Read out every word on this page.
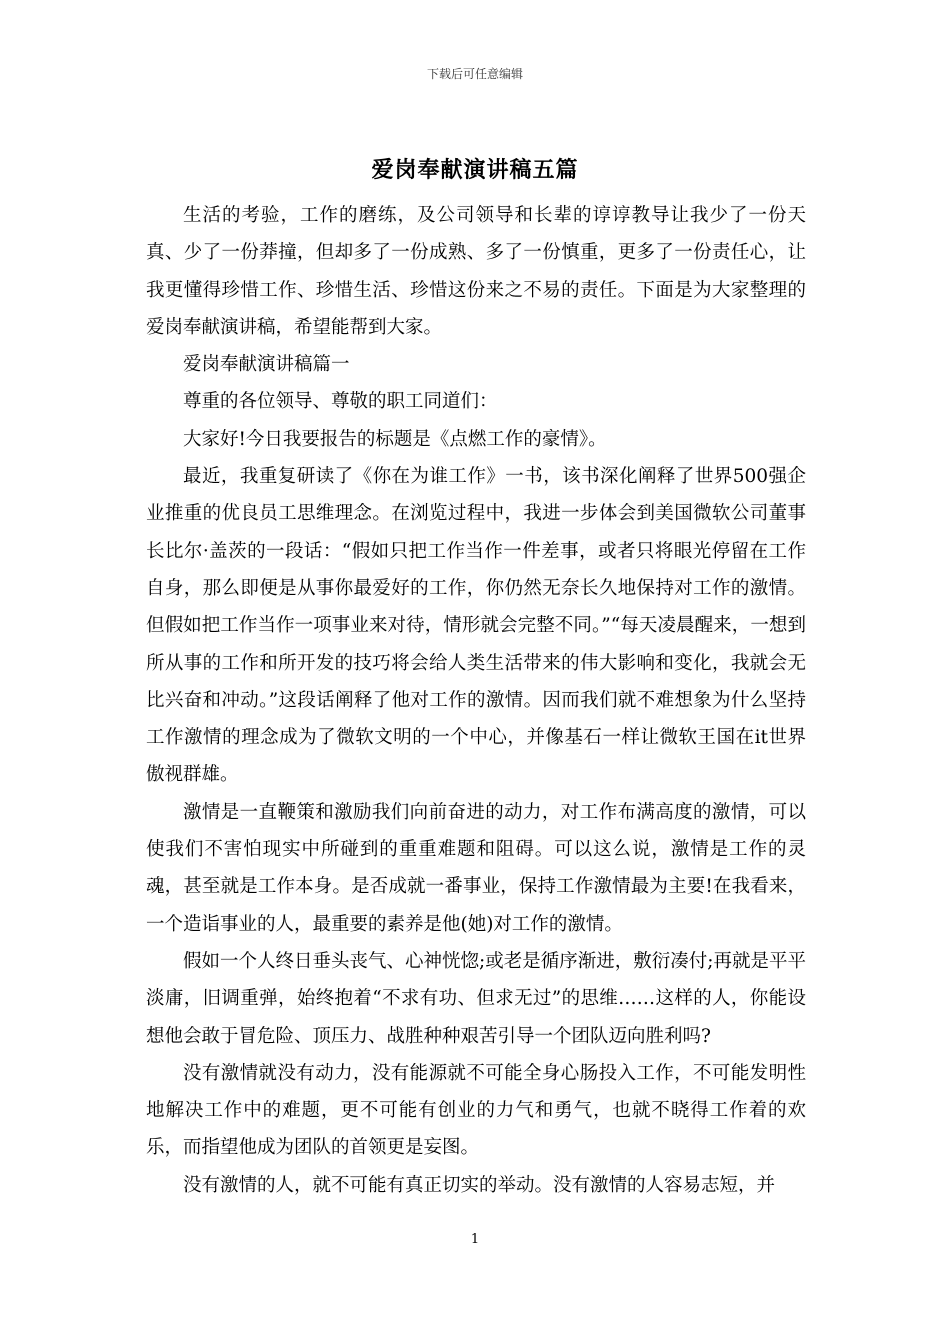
下载后可任意编辑
爱岗奉献演讲稿五篇

生活的考验，工作的磨练，及公司领导和长辈的谆谆教导让我少了一份天真、少了一份莽撞，但却多了一份成熟、多了一份慎重，更多了一份责任心，让我更懂得珍惜工作、珍惜生活、珍惜这份来之不易的责任。下面是为大家整理的爱岗奉献演讲稿，希望能帮到大家。

爱岗奉献演讲稿篇一

尊重的各位领导、尊敬的职工同道们：

大家好!今日我要报告的标题是《点燃工作的豪情》。

最近，我重复研读了《你在为谁工作》一书，该书深化阐释了世界500强企业推重的优良员工思维理念。在浏览过程中，我进一步体会到美国微软公司董事长比尔·盖茨的一段话：“假如只把工作当作一件差事，或者只将眼光停留在工作自身，那么即便是从事你最爱好的工作，你仍然无奈长久地保持对工作的激情。但假如把工作当作一项事业来对待，情形就会完整不同。”“每天凌晨醒来，一想到所从事的工作和所开发的技巧将会给人类生活带来的伟大影响和变化，我就会无比兴奋和冲动。”这段话阐释了他对工作的激情。因而我们就不难想象为什么坚持工作激情的理念成为了微软文明的一个中心，并像基石一样让微软王国在it世界傲视群雄。

激情是一直鞭策和激励我们向前奋进的动力，对工作布满高度的激情，可以使我们不害怕现实中所碰到的重重难题和阻碍。可以这么说，激情是工作的灵魂，甚至就是工作本身。是否成就一番事业，保持工作激情最为主要!在我看来，一个造诣事业的人，最重要的素养是他(她)对工作的激情。

假如一个人终日垂头丧气、心神恍惚;或老是循序渐进，敷衍凑付;再就是平平淡庸，旧调重弹，始终抱着“不求有功、但求无过”的思维……这样的人，你能设想他会敢于冒危险、顶压力、战胜种种艰苦引导一个团队迈向胜利吗?

没有激情就没有动力，没有能源就不可能全身心肠投入工作，不可能发明性地解决工作中的难题，更不可能有创业的力气和勇气，也就不晓得工作着的欢乐，而指望他成为团队的首领更是妄图。

没有激情的人，就不可能有真正切实的举动。没有激情的人容易志短，并

1
